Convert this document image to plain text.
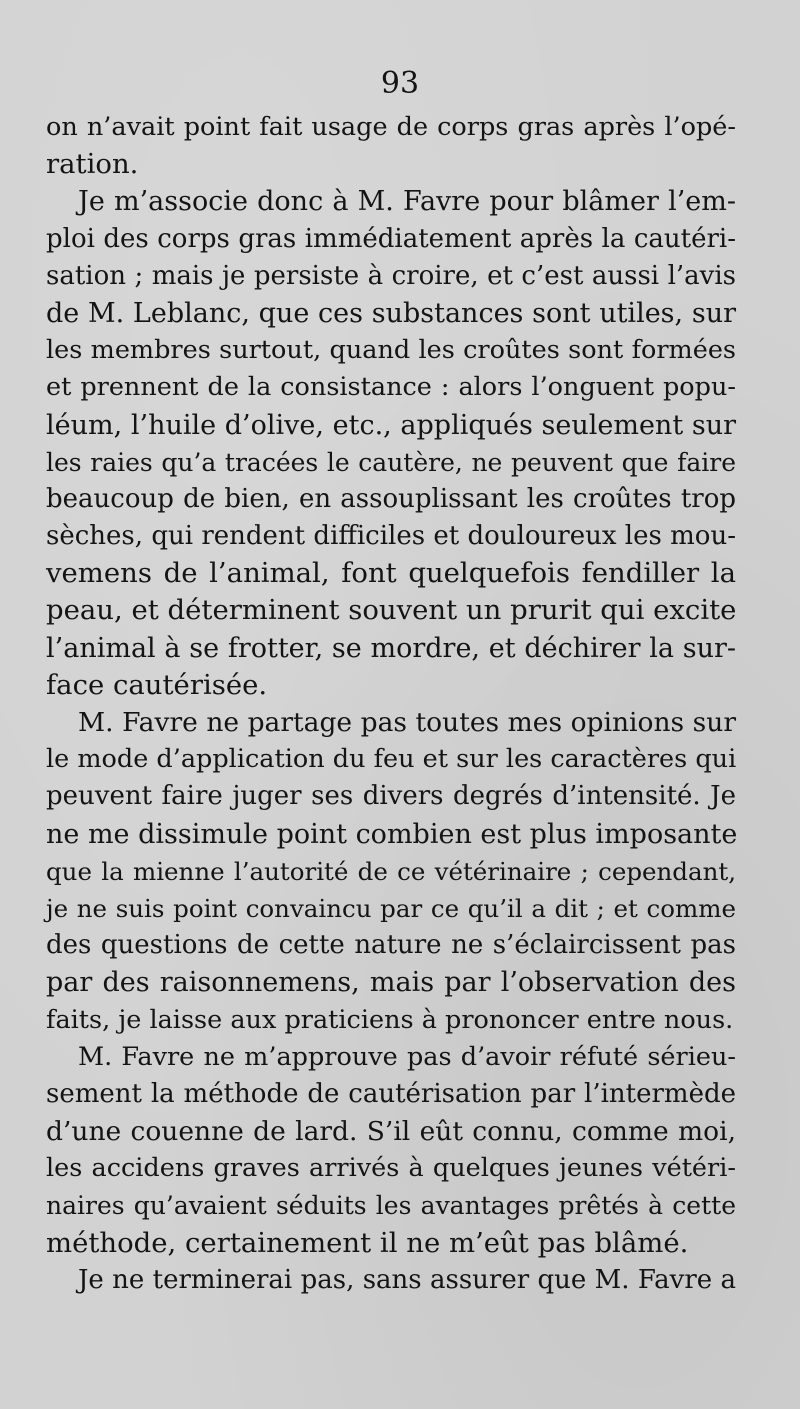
93
on n’avait point fait usage de corps gras après l’opé-
ration.
Je m’associe donc à M. Favre pour blâmer l’em-
ploi des corps gras immédiatement après la cautéri-
sation ; mais je persiste à croire, et c’est aussi l’avis
de M. Leblanc, que ces substances sont utiles, sur
les membres surtout, quand les croûtes sont formées
et prennent de la consistance : alors l’onguent popu-
léum, l’huile d’olive, etc., appliqués seulement sur
les raies qu’a tracées le cautère, ne peuvent que faire
beaucoup de bien, en assouplissant les croûtes trop
sèches, qui rendent difficiles et douloureux les mou-
vemens de l’animal, font quelquefois fendiller la
peau, et déterminent souvent un prurit qui excite
l’animal à se frotter, se mordre, et déchirer la sur-
face cautérisée.
M. Favre ne partage pas toutes mes opinions sur
le mode d’application du feu et sur les caractères qui
peuvent faire juger ses divers degrés d’intensité. Je
ne me dissimule point combien est plus imposante
que la mienne l’autorité de ce vétérinaire ; cependant,
je ne suis point convaincu par ce qu’il a dit ; et comme
des questions de cette nature ne s’éclaircissent pas
par des raisonnemens, mais par l’observation des
faits, je laisse aux praticiens à prononcer entre nous.
M. Favre ne m’approuve pas d’avoir réfuté sérieu-
sement la méthode de cautérisation par l’intermède
d’une couenne de lard. S’il eût connu, comme moi,
les accidens graves arrivés à quelques jeunes vétéri-
naires qu’avaient séduits les avantages prêtés à cette
méthode, certainement il ne m’eût pas blâmé.
Je ne terminerai pas, sans assurer que M. Favre a
